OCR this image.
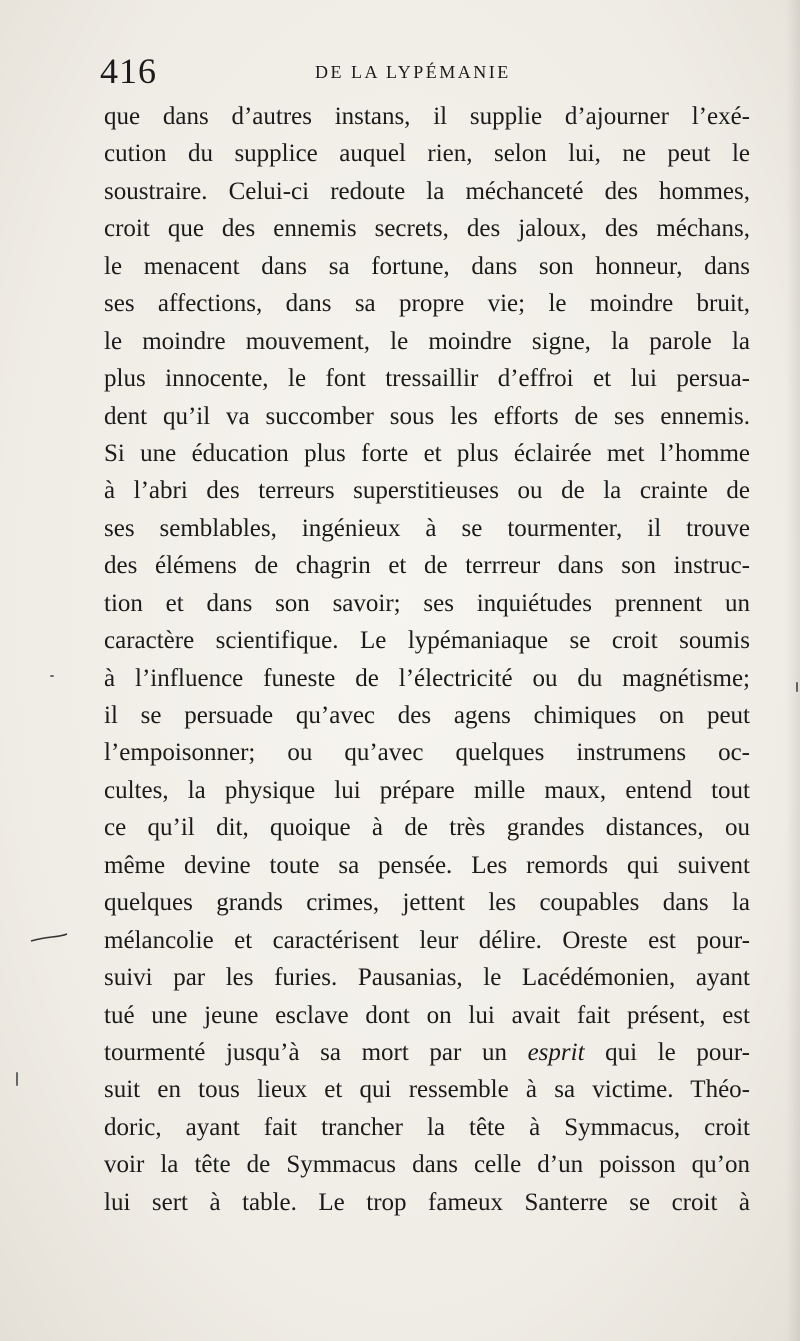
416	DE LA LYPÉMANIE
que dans d’autres instans, il supplie d’ajourner l’exé-
cution du supplice auquel rien, selon lui, ne peut le
soustraire. Celui-ci redoute la méchanceté des hommes,
croit que des ennemis secrets, des jaloux, des méchans,
le menacent dans sa fortune, dans son honneur, dans
ses affections, dans sa propre vie; le moindre bruit,
le moindre mouvement, le moindre signe, la parole la
plus innocente, le font tressaillir d’effroi et lui persua-
dent qu’il va succomber sous les efforts de ses ennemis.
Si une éducation plus forte et plus éclairée met l’homme
à l’abri des terreurs superstitieuses ou de la crainte de
ses semblables, ingénieux à se tourmenter, il trouve
des élémens de chagrin et de terrreur dans son instruc-
tion et dans son savoir; ses inquiétudes prennent un
caractère scientifique. Le lypémaniaque se croit soumis
à l’influence funeste de l’électricité ou du magnétisme;
il se persuade qu’avec des agens chimiques on peut
l’empoisonner; ou qu’avec quelques instrumens oc-
cultes, la physique lui prépare mille maux, entend tout
ce qu’il dit, quoique à de très grandes distances, ou
même devine toute sa pensée. Les remords qui suivent
quelques grands crimes, jettent les coupables dans la
mélancolie et caractérisent leur délire. Oreste est pour-
suivi par les furies. Pausanias, le Lacédémonien, ayant
tué une jeune esclave dont on lui avait fait présent, est
tourmenté jusqu’à sa mort par un esprit qui le pour-
suit en tous lieux et qui ressemble à sa victime. Théo-
doric, ayant fait trancher la tête à Symmacus, croit
voir la tête de Symmacus dans celle d’un poisson qu’on
lui sert à table. Le trop fameux Santerre se croit à
